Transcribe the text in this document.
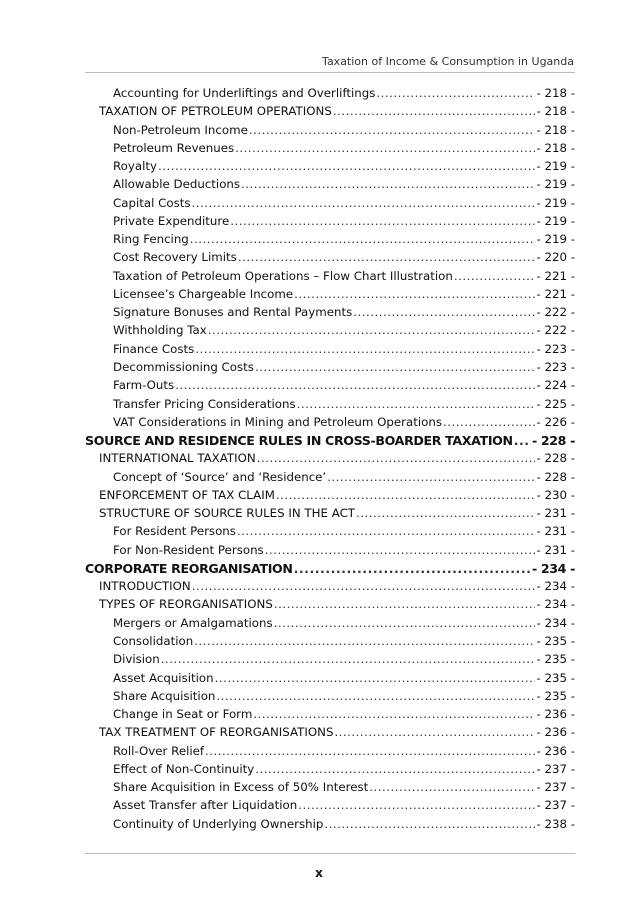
Taxation of Income & Consumption in Uganda
Accounting for Underliftings and Overliftings .....	- 218 -
TAXATION OF PETROLEUM OPERATIONS .....	- 218 -
Non-Petroleum Income .....	- 218 -
Petroleum Revenues .....	- 218 -
Royalty .....	- 219 -
Allowable Deductions .....	- 219 -
Capital Costs .....	- 219 -
Private Expenditure .....	- 219 -
Ring Fencing .....	- 219 -
Cost Recovery Limits .....	- 220 -
Taxation of Petroleum Operations – Flow Chart Illustration .....	- 221 -
Licensee’s Chargeable Income .....	- 221 -
Signature Bonuses and Rental Payments .....	- 222 -
Withholding Tax .....	- 222 -
Finance Costs .....	- 223 -
Decommissioning Costs .....	- 223 -
Farm-Outs .....	- 224 -
Transfer Pricing Considerations .....	- 225 -
VAT Considerations in Mining and Petroleum Operations .....	- 226 -
SOURCE AND RESIDENCE RULES IN CROSS-BOARDER TAXATION ..... - 228 -
INTERNATIONAL TAXATION .....	- 228 -
Concept of ‘Source’ and ‘Residence’ .....	- 228 -
ENFORCEMENT OF TAX CLAIM .....	- 230 -
STRUCTURE OF SOURCE RULES IN THE ACT .....	- 231 -
For Resident Persons .....	- 231 -
For Non-Resident Persons .....	- 231 -
CORPORATE REORGANISATION .....	- 234 -
INTRODUCTION .....	- 234 -
TYPES OF REORGANISATIONS .....	- 234 -
Mergers or Amalgamations .....	- 234 -
Consolidation .....	- 235 -
Division .....	- 235 -
Asset Acquisition .....	- 235 -
Share Acquisition .....	- 235 -
Change in Seat or Form .....	- 236 -
TAX TREATMENT OF REORGANISATIONS .....	- 236 -
Roll-Over Relief .....	- 236 -
Effect of Non-Continuity .....	- 237 -
Share Acquisition in Excess of 50% Interest .....	- 237 -
Asset Transfer after Liquidation .....	- 237 -
Continuity of Underlying Ownership .....	- 238 -
x
